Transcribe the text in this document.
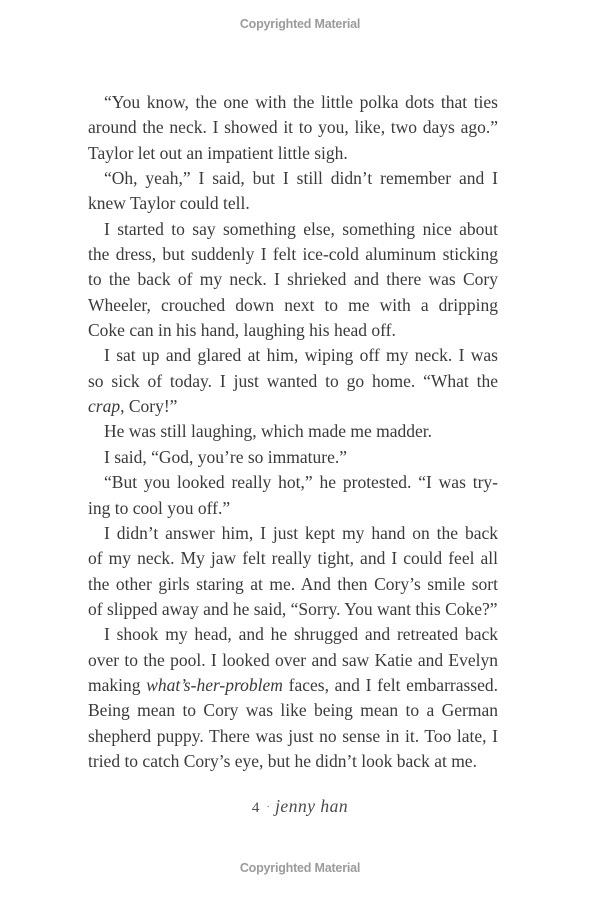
Copyrighted Material
“You know, the one with the little polka dots that ties
around the neck. I showed it to you, like, two days ago.”
Taylor let out an impatient little sigh.
“Oh, yeah,” I said, but I still didn’t remember and I
knew Taylor could tell.
I started to say something else, something nice about
the dress, but suddenly I felt ice-cold aluminum sticking
to the back of my neck. I shrieked and there was Cory
Wheeler, crouched down next to me with a dripping
Coke can in his hand, laughing his head off.
I sat up and glared at him, wiping off my neck. I was
so sick of today. I just wanted to go home. “What the
crap, Cory!”
He was still laughing, which made me madder.
I said, “God, you’re so immature.”
“But you looked really hot,” he protested. “I was try-
ing to cool you off.”
I didn’t answer him, I just kept my hand on the back
of my neck. My jaw felt really tight, and I could feel all
the other girls staring at me. And then Cory’s smile sort
of slipped away and he said, “Sorry. You want this Coke?”
I shook my head, and he shrugged and retreated back
over to the pool. I looked over and saw Katie and Evelyn
making what’s-her-problem faces, and I felt embarrassed.
Being mean to Cory was like being mean to a German
shepherd puppy. There was just no sense in it. Too late, I
tried to catch Cory’s eye, but he didn’t look back at me.
4 · jenny han
Copyrighted Material
